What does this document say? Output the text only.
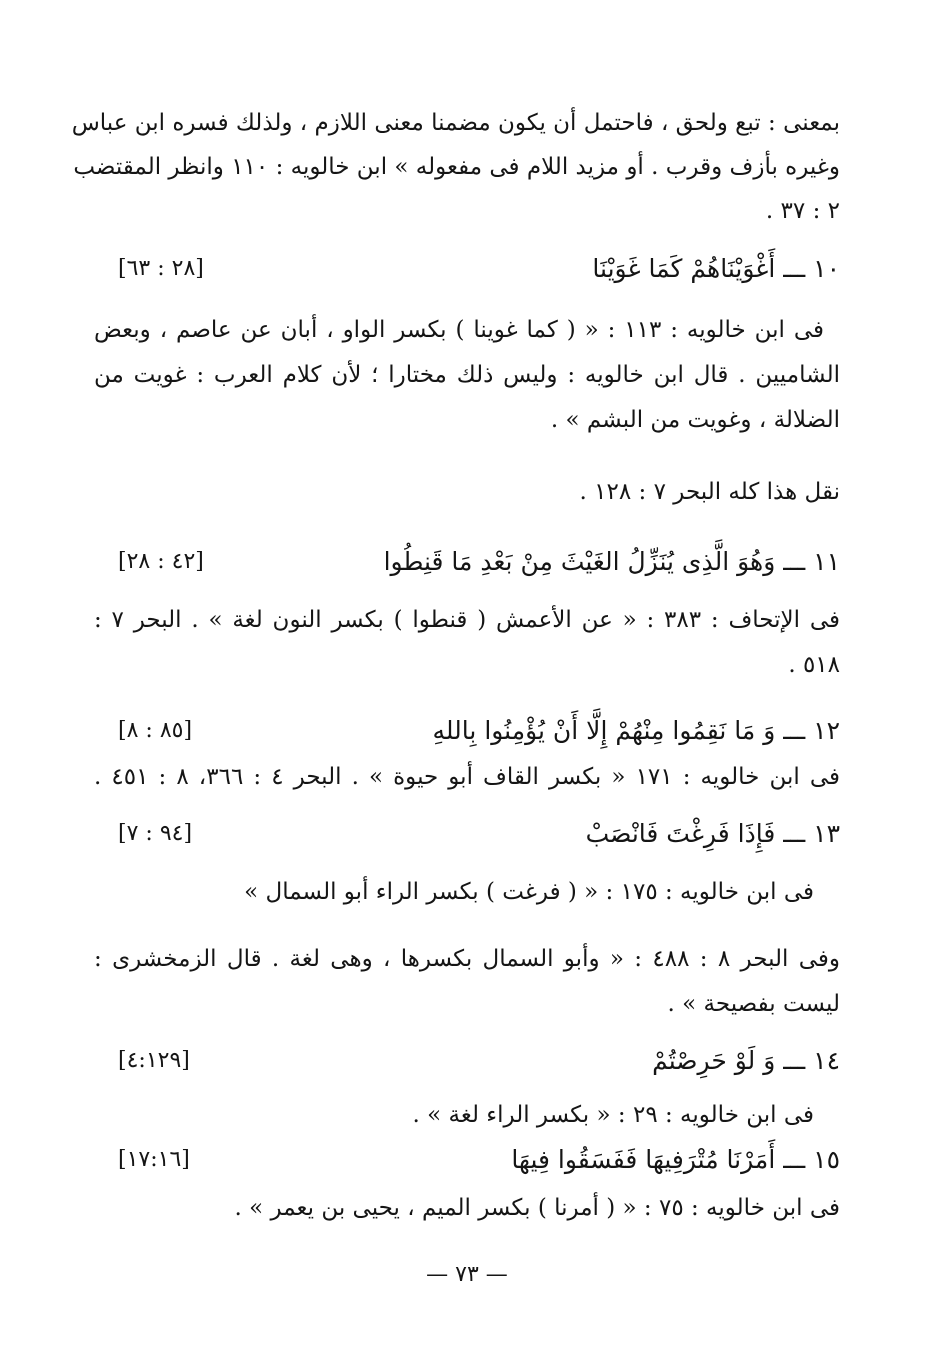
بمعنى : تبع ولحق ، فاحتمل أن يكون مضمنا معنى اللازم ، ولذلك فسره ابن عباس
وغيره بأزف وقرب . أو مزيد اللام فى مفعوله » ابن خالويه : ١١٠ وانظر المقتضب
٢ : ٣٧ .
١٠ ـــ أَغْوَيْنَاهُمْ كَمَا غَوَيْنَا
[٢٨ : ٦٣]
فى ابن خالويه : ١١٣ : « ( كما غوينا ) بكسر الواو ، أبان عن عاصم ، وبعض
الشاميين . قال ابن خالويه : وليس ذلك مختارا ؛ لأن كلام العرب : غويت من
الضلالة ، وغويت من البشم » .
نقل هذا كله البحر ٧ : ١٢٨ .
١١ ـــ وَهُوَ الَّذِى يُنَزِّلُ الغَيْثَ مِنْ بَعْدِ مَا قَنِطُوا
[٤٢ : ٢٨]
فى الإتحاف : ٣٨٣ : « عن الأعمش ( قنطوا ) بكسر النون لغة » . البحر ٧ :
٥١٨ .
١٢ ـــ وَ مَا نَقِمُوا مِنْهُمْ إِلَّا أَنْ يُؤْمِنُوا بِاللهِ
[٨٥ : ٨]
فى ابن خالويه : ١٧١ « بكسر القاف أبو حيوة » . البحر ٤ : ٣٦٦، ٨ : ٤٥١ .
١٣ ـــ فَإِذَا فَرِغْتَ فَانْصَبْ
[٩٤ : ٧]
فى ابن خالويه : ١٧٥ : « ( فرغت ) بكسر الراء أبو السمال »
وفى البحر ٨ : ٤٨٨ : « وأبو السمال بكسرها ، وهى لغة . قال الزمخشرى :
ليست بفصيحة » .
١٤ ـــ وَ لَوْ حَرِصْتُمْ
[٤:١٢٩]
فى ابن خالويه : ٢٩ : « بكسر الراء لغة » .
١٥ ـــ أَمَرْنَا مُتْرَفِيهَا فَفَسَقُوا فِيهَا
[١٧:١٦]
فى ابن خالويه : ٧٥ : « ( أمرنا ) بكسر الميم ، يحيى بن يعمر » .
— ٧٣ —
